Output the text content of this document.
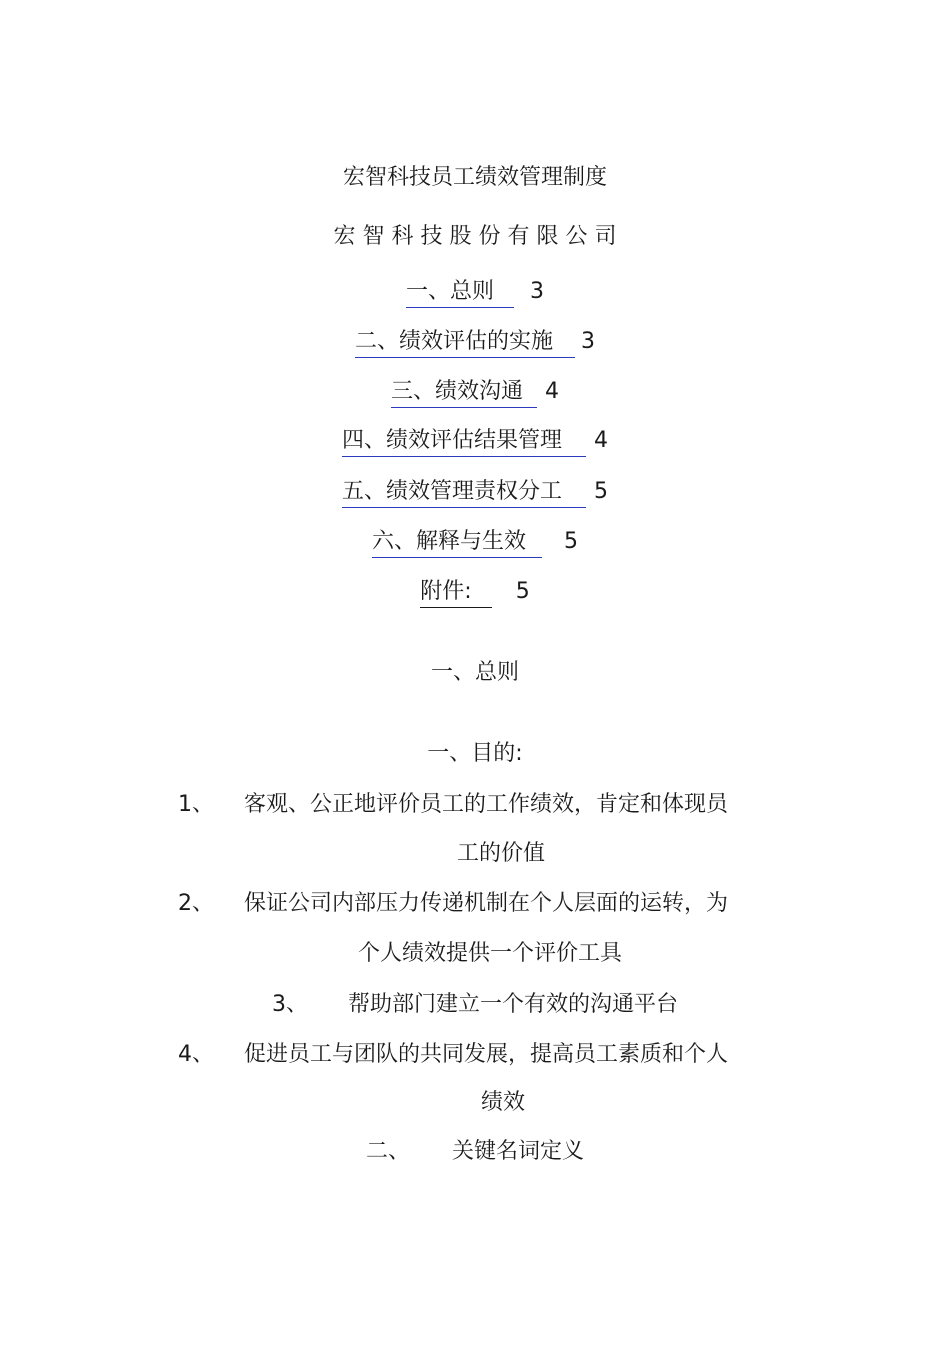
宏智科技员工绩效管理制度
宏 智 科 技 股 份 有 限 公 司
一、总则 3
二、绩效评估的实施 3
三、绩效沟通 4
四、绩效评估结果管理 4
五、绩效管理责权分工 5
六、解释与生效 5
附件: 5
一、总则
一、目的:
1、 客观、公正地评价员工的工作绩效，肯定和体现员
工的价值
2、 保证公司内部压力传递机制在个人层面的运转，为
个人绩效提供一个评价工具
3、 帮助部门建立一个有效的沟通平台
4、 促进员工与团队的共同发展，提高员工素质和个人
绩效
二、 关键名词定义
